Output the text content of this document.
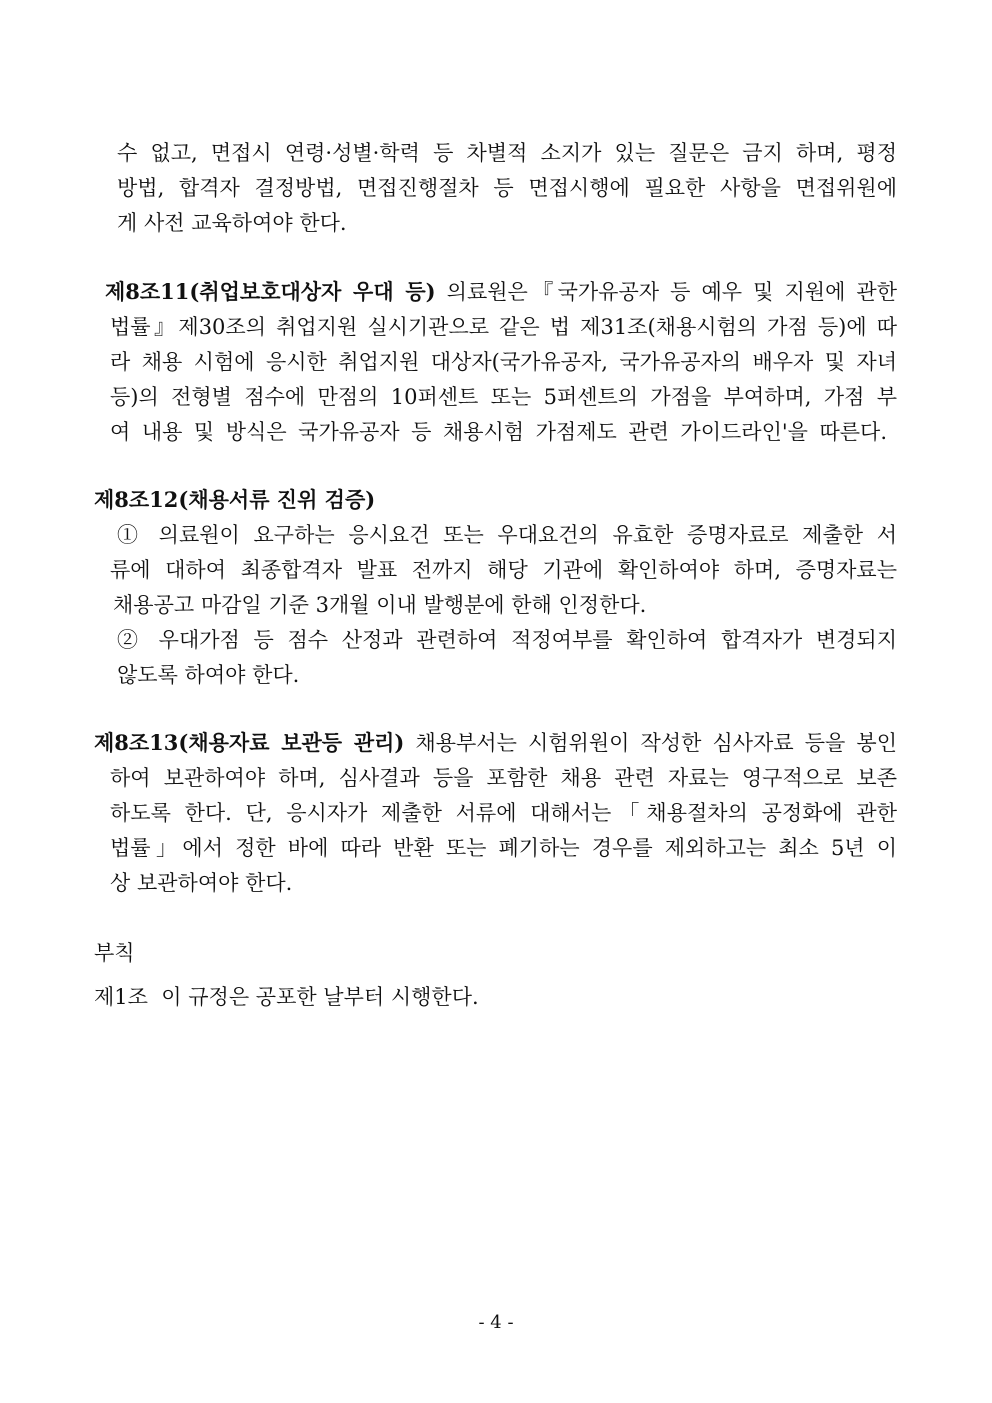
수 없고, 면접시 연령·성별·학력 등 차별적 소지가 있는 질문은 금지 하며, 평정
방법, 합격자 결정방법, 면접진행절차 등 면접시행에 필요한 사항을 면접위원에
게 사전 교육하여야 한다.
제8조11(취업보호대상자 우대 등) 의료원은『국가유공자 등 예우 및 지원에 관한
법률』제30조의 취업지원 실시기관으로 같은 법 제31조(채용시험의 가점 등)에 따
라 채용 시험에 응시한 취업지원 대상자(국가유공자, 국가유공자의 배우자 및 자녀
등)의 전형별 점수에 만점의 10퍼센트 또는 5퍼센트의 가점을 부여하며, 가점 부
여 내용 및 방식은 국가유공자 등 채용시험 가점제도 관련 가이드라인'을 따른다.
제8조12(채용서류 진위 검증)
① 의료원이 요구하는 응시요건 또는 우대요건의 유효한 증명자료로 제출한 서
류에 대하여 최종합격자 발표 전까지 해당 기관에 확인하여야 하며, 증명자료는
채용공고 마감일 기준 3개월 이내 발행분에 한해 인정한다.
② 우대가점 등 점수 산정과 관련하여 적정여부를 확인하여 합격자가 변경되지
않도록 하여야 한다.
제8조13(채용자료 보관등 관리) 채용부서는 시험위원이 작성한 심사자료 등을 봉인
하여 보관하여야 하며, 심사결과 등을 포함한 채용 관련 자료는 영구적으로 보존
하도록 한다. 단, 응시자가 제출한 서류에 대해서는「채용절차의 공정화에 관한
법률」에서 정한 바에 따라 반환 또는 폐기하는 경우를 제외하고는 최소 5년 이
상 보관하여야 한다.
부칙
제1조  이 규정은 공포한 날부터 시행한다.
- 4 -
